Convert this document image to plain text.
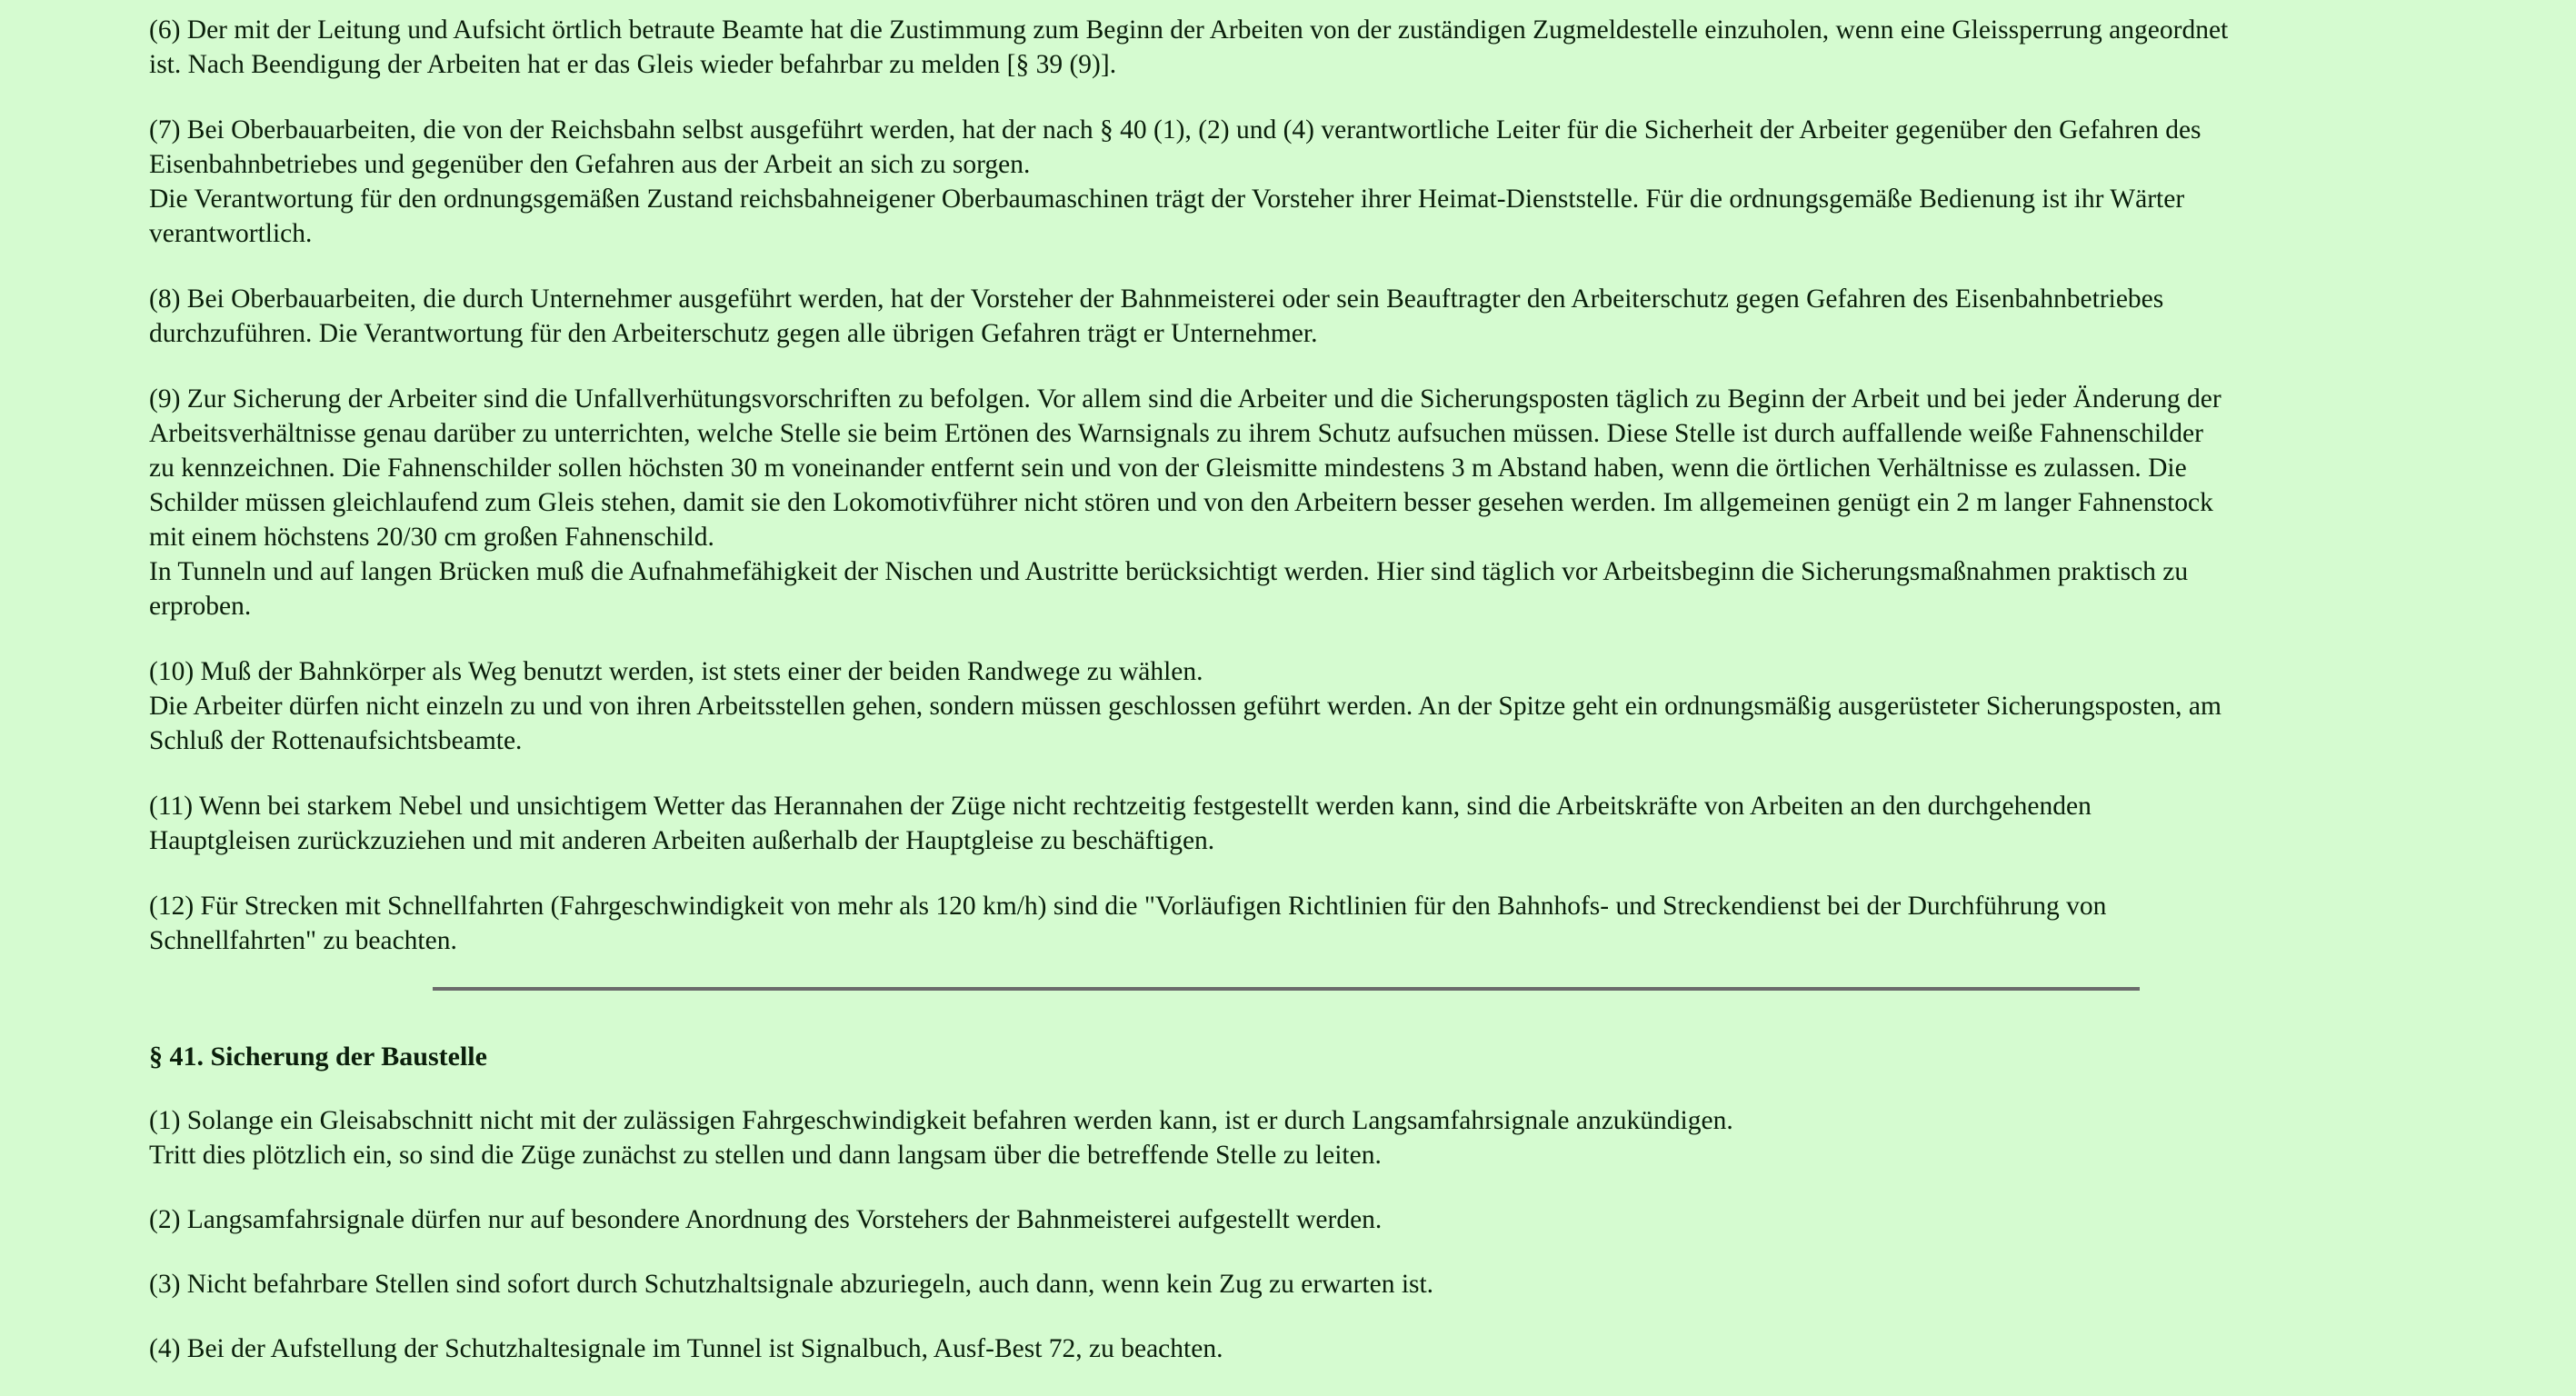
(6) Der mit der Leitung und Aufsicht örtlich betraute Beamte hat die Zustimmung zum Beginn der Arbeiten von der zuständigen Zugmeldestelle einzuholen, wenn eine Gleissperrung angeordnet
ist. Nach Beendigung der Arbeiten hat er das Gleis wieder befahrbar zu melden [§ 39 (9)].

(7) Bei Oberbauarbeiten, die von der Reichsbahn selbst ausgeführt werden, hat der nach § 40 (1), (2) und (4) verantwortliche Leiter für die Sicherheit der Arbeiter gegenüber den Gefahren des
Eisenbahnbetriebes und gegenüber den Gefahren aus der Arbeit an sich zu sorgen.
Die Verantwortung für den ordnungsgemäßen Zustand reichsbahneigener Oberbaumaschinen trägt der Vorsteher ihrer Heimat-Dienststelle. Für die ordnungsgemäße Bedienung ist ihr Wärter
verantwortlich.

(8) Bei Oberbauarbeiten, die durch Unternehmer ausgeführt werden, hat der Vorsteher der Bahnmeisterei oder sein Beauftragter den Arbeiterschutz gegen Gefahren des Eisenbahnbetriebes
durchzuführen. Die Verantwortung für den Arbeiterschutz gegen alle übrigen Gefahren trägt er Unternehmer.

(9) Zur Sicherung der Arbeiter sind die Unfallverhütungsvorschriften zu befolgen. Vor allem sind die Arbeiter und die Sicherungsposten täglich zu Beginn der Arbeit und bei jeder Änderung der
Arbeitsverhältnisse genau darüber zu unterrichten, welche Stelle sie beim Ertönen des Warnsignals zu ihrem Schutz aufsuchen müssen. Diese Stelle ist durch auffallende weiße Fahnenschilder
zu kennzeichnen. Die Fahnenschilder sollen höchsten 30 m voneinander entfernt sein und von der Gleismitte mindestens 3 m Abstand haben, wenn die örtlichen Verhältnisse es zulassen. Die
Schilder müssen gleichlaufend zum Gleis stehen, damit sie den Lokomotivführer nicht stören und von den Arbeitern besser gesehen werden. Im allgemeinen genügt ein 2 m langer Fahnenstock
mit einem höchstens 20/30 cm großen Fahnenschild.
In Tunneln und auf langen Brücken muß die Aufnahmefähigkeit der Nischen und Austritte berücksichtigt werden. Hier sind täglich vor Arbeitsbeginn die Sicherungsmaßnahmen praktisch zu
erproben.

(10) Muß der Bahnkörper als Weg benutzt werden, ist stets einer der beiden Randwege zu wählen.
Die Arbeiter dürfen nicht einzeln zu und von ihren Arbeitsstellen gehen, sondern müssen geschlossen geführt werden. An der Spitze geht ein ordnungsmäßig ausgerüsteter Sicherungsposten, am
Schluß der Rottenaufsichtsbeamte.

(11) Wenn bei starkem Nebel und unsichtigem Wetter das Herannahen der Züge nicht rechtzeitig festgestellt werden kann, sind die Arbeitskräfte von Arbeiten an den durchgehenden
Hauptgleisen zurückzuziehen und mit anderen Arbeiten außerhalb der Hauptgleise zu beschäftigen.

(12) Für Strecken mit Schnellfahrten (Fahrgeschwindigkeit von mehr als 120 km/h) sind die "Vorläufigen Richtlinien für den Bahnhofs- und Streckendienst bei der Durchführung von
Schnellfahrten" zu beachten.

§ 41. Sicherung der Baustelle

(1) Solange ein Gleisabschnitt nicht mit der zulässigen Fahrgeschwindigkeit befahren werden kann, ist er durch Langsamfahrsignale anzukündigen.
Tritt dies plötzlich ein, so sind die Züge zunächst zu stellen und dann langsam über die betreffende Stelle zu leiten.

(2) Langsamfahrsignale dürfen nur auf besondere Anordnung des Vorstehers der Bahnmeisterei aufgestellt werden.

(3) Nicht befahrbare Stellen sind sofort durch Schutzhaltsignale abzuriegeln, auch dann, wenn kein Zug zu erwarten ist.

(4) Bei der Aufstellung der Schutzhaltesignale im Tunnel ist Signalbuch, Ausf-Best 72, zu beachten.
